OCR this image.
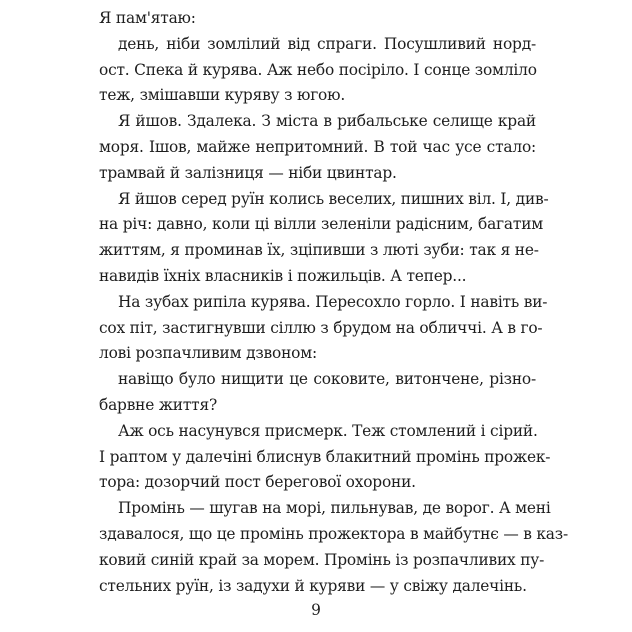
Я пам'ятаю:
день, ніби зомлілий від спраги. Посушливий норд-
ост. Спека й курява. Аж небо посіріло. І сонце зомліло
теж, змішавши куряву з югою.
Я йшов. Здалека. З міста в рибальське селище край
моря. Ішов, майже непритомний. В той час усе стало:
трамвай й залізниця — ніби цвинтар.
Я йшов серед руїн колись веселих, пишних віл. І, див-
на річ: давно, коли ці вілли зеленіли радісним, багатим
життям, я проминав їх, зціпивши з люті зуби: так я не-
навидів їхніх власників і пожильців. А тепер...
На зубах рипіла курява. Пересохло горло. І навіть ви-
сох піт, застигнувши сіллю з брудом на обличчі. А в го-
лові розпачливим дзвоном:
навіщо було нищити це соковите, витончене, різно-
барвне життя?
Аж ось насунувся присмерк. Теж стомлений і сірий.
І раптом у далечіні блиснув блакитний промінь прожек-
тора: дозорчий пост берегової охорони.
Промінь — шугав на морі, пильнував, де ворог. А мені
здавалося, що це промінь прожектора в майбутнє — в каз-
ковий синій край за морем. Промінь із розпачливих пу-
стельних руїн, із задухи й куряви — у свіжу далечінь.
9
